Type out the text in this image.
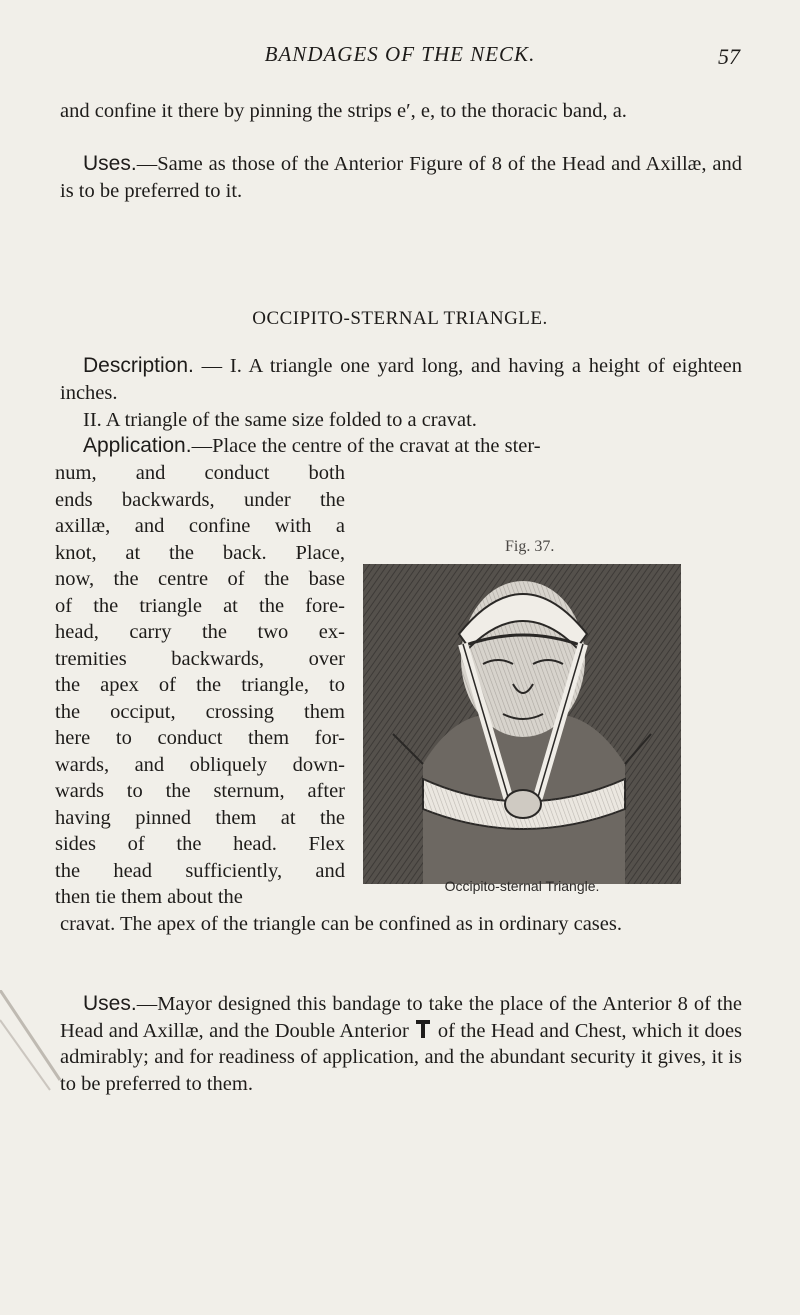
BANDAGES OF THE NECK.	57
and confine it there by pinning the strips e′, e, to the thoracic band, a.
Uses.—Same as those of the Anterior Figure of 8 of the Head and Axillæ, and is to be preferred to it.
OCCIPITO-STERNAL TRIANGLE.
Description. — I. A triangle one yard long, and having a height of eighteen inches.
II. A triangle of the same size folded to a cravat.
Application.—Place the centre of the cravat at the ster-
num, and conduct both
ends backwards, under the
axillæ, and confine with a
knot, at the back. Place,
now, the centre of the base
of the triangle at the fore-
head, carry the two ex-
tremities backwards, over
the apex of the triangle, to
the occiput, crossing them
here to conduct them for-
wards, and obliquely down-
wards to the sternum, after
having pinned them at the
sides of the head. Flex
the head sufficiently, and
then tie them about the
Fig. 37.
Occipito-sternal Triangle.
cravat. The apex of the triangle can be confined as in ordinary cases.
Uses.—Mayor designed this bandage to take the place of the Anterior 8 of the Head and Axillæ, and the Double Anterior of the Head and Chest, which it does admirably; and for readiness of application, and the abundant security it gives, it is to be preferred to them.
